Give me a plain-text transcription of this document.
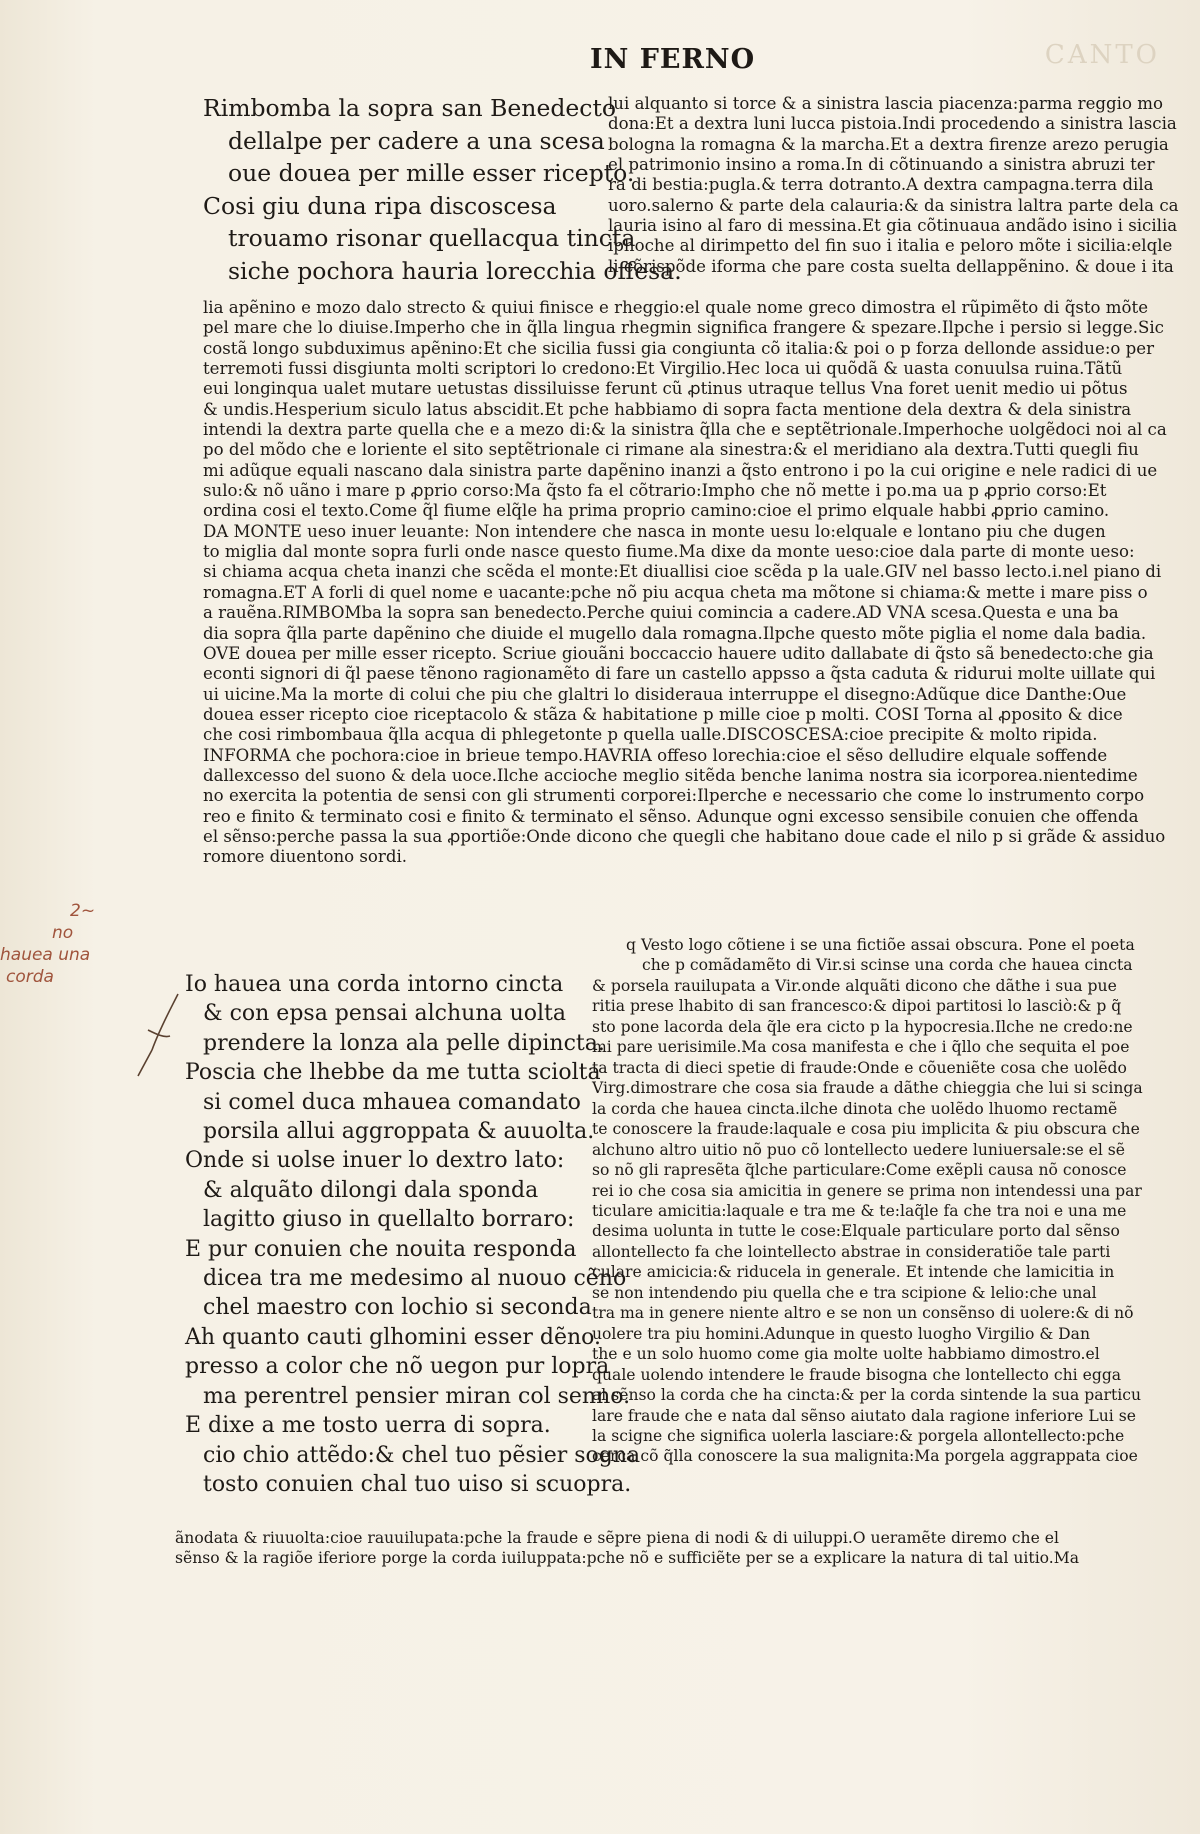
CANTO
IN FERNO
Rimbomba la sopra san Benedecto
dellalpe per cadere a una scesa
oue douea per mille esser ricepto.
Cosi giu duna ripa discoscesa
trouamo risonar quellacqua tincta
siche pochora hauria lorecchia offesa.
lui alquanto si torce & a sinistra lascia piacenza:parma reggio mo
dona:Et a dextra luni lucca pistoia.Indi procedendo a sinistra lascia
bologna la romagna & la marcha.Et a dextra firenze arezo perugia
el patrimonio insino a roma.In di cõtinuando a sinistra abruzi ter
ra di bestia:pugla.& terra dotranto.A dextra campagna.terra dila
uoro.salerno & parte dela calauria:& da sinistra laltra parte dela ca
lauria isino al faro di messina.Et gia cõtinuaua andãdo isino i sicilia
iphoche al dirimpetto del fin suo i italia e peloro mõte i sicilia:elqle
li cõrispõde iforma che pare costa suelta dellappẽnino. & doue i ita
lia apẽnino e mozo dalo strecto & quiui finisce e rheggio:el quale nome greco dimostra el rũpimẽto di q̃sto mõte
pel mare che lo diuise.Imperho che in q̃lla lingua rhegmin significa frangere & spezare.Ilpche i persio si legge.Sic
costã longo subduximus apẽnino:Et che sicilia fussi gia congiunta cõ italia:& poi o p forza dellonde assidue:o per
terremoti fussi disgiunta molti scriptori lo credono:Et Virgilio.Hec loca ui quõdã & uasta conuulsa ruina.Tãtũ
eui longinqua ualet mutare uetustas dissiluisse ferunt cũ ꝓtinus utraque tellus Vna foret uenit medio ui põtus
& undis.Hesperium siculo latus abscidit.Et pche habbiamo di sopra facta mentione dela dextra & dela sinistra
intendi la dextra parte quella che e a mezo di:& la sinistra q̃lla che e septẽtrionale.Imperhoche uolgẽdoci noi al ca
po del mõdo che e loriente el sito septẽtrionale ci rimane ala sinestra:& el meridiano ala dextra.Tutti quegli fiu
mi adũque equali nascano dala sinistra parte dapẽnino inanzi a q̃sto entrono i po la cui origine e nele radici di ue
sulo:& nõ uãno i mare p ꝓprio corso:Ma q̃sto fa el cõtrario:Impho che nõ mette i po.ma ua p ꝓprio corso:Et
ordina cosi el texto.Come q̃l fiume elq̃le ha prima proprio camino:cioe el primo elquale habbi ꝓprio camino.
DA MONTE ueso inuer leuante: Non intendere che nasca in monte uesu lo:elquale e lontano piu che dugen
to miglia dal monte sopra furli onde nasce questo fiume.Ma dixe da monte ueso:cioe dala parte di monte ueso:
si chiama acqua cheta inanzi che scẽda el monte:Et diuallisi cioe scẽda p la uale.GIV nel basso lecto.i.nel piano di
romagna.ET A forli di quel nome e uacante:pche nõ piu acqua cheta ma mõtone si chiama:& mette i mare piss o
a rauẽna.RIMBOMba la sopra san benedecto.Perche quiui comincia a cadere.AD VNA scesa.Questa e una ba
dia sopra q̃lla parte dapẽnino che diuide el mugello dala romagna.Ilpche questo mõte piglia el nome dala badia.
OVE douea per mille esser ricepto. Scriue giouãni boccaccio hauere udito dallabate di q̃sto sã benedecto:che gia
econti signori di q̃l paese tẽnono ragionamẽto di fare un castello appsso a q̃sta caduta & ridurui molte uillate qui
ui uicine.Ma la morte di colui che piu che glaltri lo disideraua interruppe el disegno:Adũque dice Danthe:Oue
douea esser ricepto cioe riceptacolo & stãza & habitatione p mille cioe p molti. COSI Torna al ꝓposito & dice
che cosi rimbombaua q̃lla acqua di phlegetonte p quella ualle.DISCOSCESA:cioe precipite & molto ripida.
INFORMA che pochora:cioe in brieue tempo.HAVRIA offeso lorechia:cioe el sẽso delludire elquale soffende
dallexcesso del suono & dela uoce.Ilche accioche meglio sitẽda benche lanima nostra sia icorporea.nientedime
no exercita la potentia de sensi con gli strumenti corporei:Ilperche e necessario che come lo instrumento corpo
reo e finito & terminato cosi e finito & terminato el sẽnso. Adunque ogni excesso sensibile conuien che offenda
el sẽnso:perche passa la sua ꝓportiõe:Onde dicono che quegli che habitano doue cade el nilo p si grãde & assiduo
romore diuentono sordi.
q Vesto logo cõtiene i se una fictiõe assai obscura. Pone el poeta
che p comãdamẽto di Vir.si scinse una corda che hauea cincta
Io hauea una corda intorno cincta
& con epsa pensai alchuna uolta
prendere la lonza ala pelle dipincta.
Poscia che lhebbe da me tutta sciolta
si comel duca mhauea comandato
porsila allui aggroppata & auuolta.
Onde si uolse inuer lo dextro lato:
& alquãto dilongi dala sponda
lagitto giuso in quellalto borraro:
E pur conuien che nouita responda
dicea tra me medesimo al nuouo cẽno
chel maestro con lochio si seconda
Ah quanto cauti glhomini esser dẽno.
presso a color che nõ uegon pur lopra
ma perentrel pensier miran col senno.
E dixe a me tosto uerra di sopra.
cio chio attẽdo:& chel tuo pẽsier sogna
tosto conuien chal tuo uiso si scuopra.
& porsela rauilupata a Vir.onde alquãti dicono che dãthe i sua pue
ritia prese lhabito di san francesco:& dipoi partitosi lo lasciò:& p q̃
sto pone lacorda dela q̃le era cicto p la hypocresia.Ilche ne credo:ne
mi pare uerisimile.Ma cosa manifesta e che i q̃llo che sequita el poe
ta tracta di dieci spetie di fraude:Onde e cõueniẽte cosa che uolẽdo
Virg.dimostrare che cosa sia fraude a dãthe chieggia che lui si scinga
la corda che hauea cincta.ilche dinota che uolẽdo lhuomo rectamẽ
te conoscere la fraude:laquale e cosa piu implicita & piu obscura che
alchuno altro uitio nõ puo cõ lontellecto uedere luniuersale:se el sẽ
so nõ gli rapresẽta q̃lche particulare:Come exẽpli causa nõ conosce
rei io che cosa sia amicitia in genere se prima non intendessi una par
ticulare amicitia:laquale e tra me & te:laq̃le fa che tra noi e una me
desima uolunta in tutte le cose:Elquale particulare porto dal sẽnso
allontellecto fa che lointellecto abstrae in consideratiõe tale parti
culare amicicia:& riducela in generale. Et intende che lamicitia in
se non intendendo piu quella che e tra scipione & lelio:che unal
tra ma in genere niente altro e se non un consẽnso di uolere:& di nõ
uolere tra piu homini.Adunque in questo luogho Virgilio & Dan
the e un solo huomo come gia molte uolte habbiamo dimostro.el
quale uolendo intendere le fraude bisogna che lontellecto chi egga
al sẽnso la corda che ha cincta:& per la corda sintende la sua particu
lare fraude che e nata dal sẽnso aiutato dala ragione inferiore Lui se
la scigne che significa uolerla lasciare:& porgela allontellecto:pche
cerca cõ q̃lla conoscere la sua malignita:Ma porgela aggrappata cioe
ãnodata & riuuolta:cioe rauuilupata:pche la fraude e sẽpre piena di nodi & di uiluppi.O ueramẽte diremo che el
sẽnso & la ragiõe iferiore porge la corda iuiluppata:pche nõ e sufficiẽte per se a explicare la natura di tal uitio.Ma
2~
no
hauea una
corda
